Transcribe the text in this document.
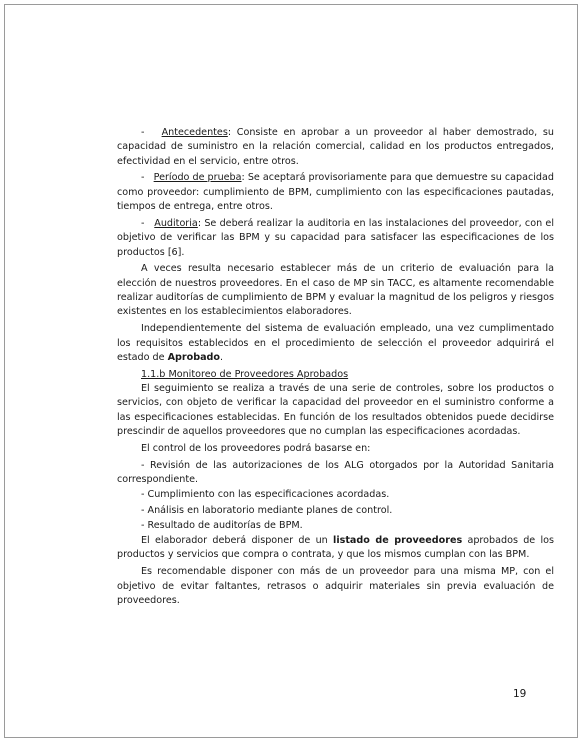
- Antecedentes: Consiste en aprobar a un proveedor al haber demostrado, su capacidad de suministro en la relación comercial, calidad en los productos entregados, efectividad en el servicio, entre otros.

- Período de prueba: Se aceptará provisoriamente para que demuestre su capacidad como proveedor: cumplimiento de BPM, cumplimiento con las especificaciones pautadas, tiempos de entrega, entre otros.

- Auditoria: Se deberá realizar la auditoria en las instalaciones del proveedor, con el objetivo de verificar las BPM y su capacidad para satisfacer las especificaciones de los productos [6].

A veces resulta necesario establecer más de un criterio de evaluación para la elección de nuestros proveedores. En el caso de MP sin TACC, es altamente recomendable realizar auditorías de cumplimiento de BPM y evaluar la magnitud de los peligros y riesgos existentes en los establecimientos elaboradores.

Independientemente del sistema de evaluación empleado, una vez cumplimentado los requisitos establecidos en el procedimiento de selección el proveedor adquirirá el estado de Aprobado.

1.1.b Monitoreo de Proveedores Aprobados

El seguimiento se realiza a través de una serie de controles, sobre los productos o servicios, con objeto de verificar la capacidad del proveedor en el suministro conforme a las especificaciones establecidas. En función de los resultados obtenidos puede decidirse prescindir de aquellos proveedores que no cumplan las especificaciones acordadas.

El control de los proveedores podrá basarse en:

- Revisión de las autorizaciones de los ALG otorgados por la Autoridad Sanitaria correspondiente.

- Cumplimiento con las especificaciones acordadas.

- Análisis en laboratorio mediante planes de control.

- Resultado de auditorías de BPM.

El elaborador deberá disponer de un listado de proveedores aprobados de los productos y servicios que compra o contrata, y que los mismos cumplan con las BPM.

Es recomendable disponer con más de un proveedor para una misma MP, con el objetivo de evitar faltantes, retrasos o adquirir materiales sin previa evaluación de proveedores.

19
